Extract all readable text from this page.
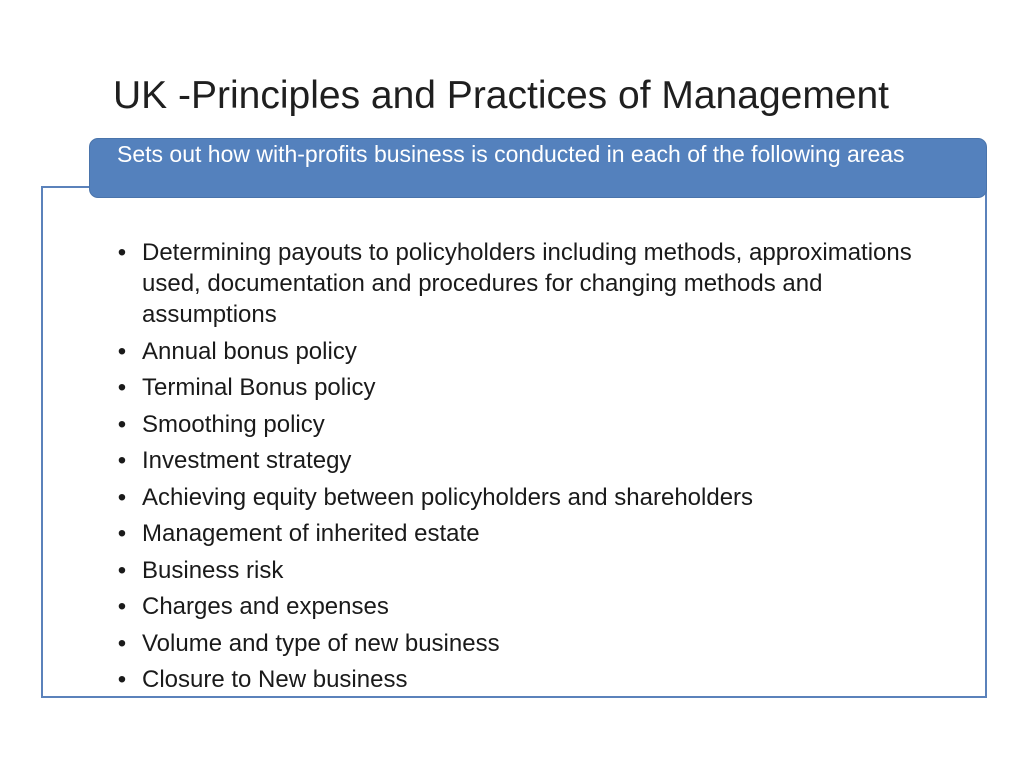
UK -Principles and Practices of Management
Sets out how with-profits business is conducted in each of the following areas
• Determining payouts to policyholders including methods, approximations used, documentation and procedures for changing methods and assumptions
• Annual bonus policy
• Terminal Bonus policy
• Smoothing policy
• Investment strategy
• Achieving equity between policyholders and shareholders
• Management of inherited estate
• Business risk
• Charges and expenses
• Volume and type of new business
• Closure to New business
